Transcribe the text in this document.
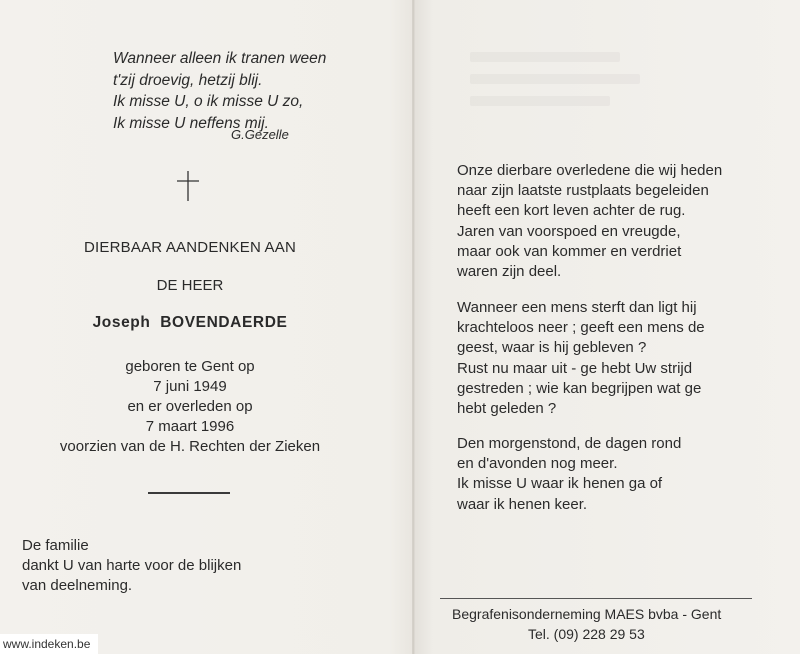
Wanneer alleen ik tranen ween
t'zij droevig, hetzij blij.
Ik misse U, o ik misse U zo,
Ik misse U neffens mij.
G.Gezelle
DIERBAAR AANDENKEN AAN
DE HEER
Joseph BOVENDAERDE
geboren te Gent op
7 juni 1949
en er overleden op
7 maart 1996
voorzien van de H. Rechten der Zieken
De familie
dankt U van harte voor de blijken
van deelneming.
Onze dierbare overledene die wij heden
naar zijn laatste rustplaats begeleiden
heeft een kort leven achter de rug.
Jaren van voorspoed en vreugde,
maar ook van kommer en verdriet
waren zijn deel.
Wanneer een mens sterft dan ligt hij
krachteloos neer ; geeft een mens de
geest, waar is hij gebleven ?
Rust nu maar uit - ge hebt Uw strijd
gestreden ; wie kan begrijpen wat ge
hebt geleden ?
Den morgenstond, de dagen rond
en d'avonden nog meer.
Ik misse U waar ik henen ga of
waar ik henen keer.
Begrafenisonderneming MAES bvba - Gent
Tel. (09) 228 29 53
www.indeken.be
